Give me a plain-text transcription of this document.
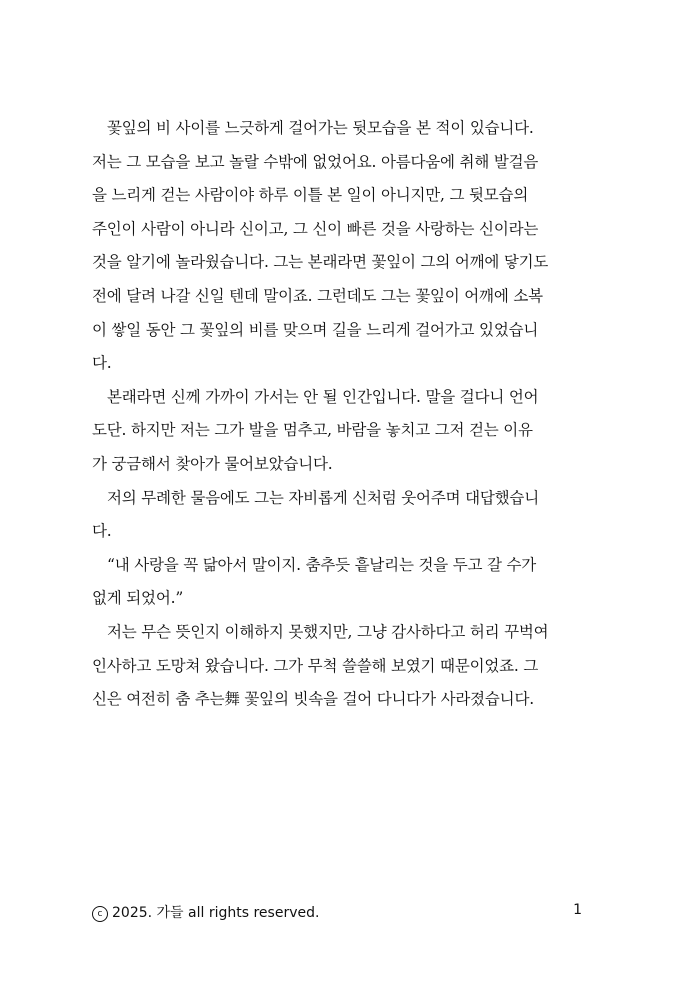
꽃잎의 비 사이를 느긋하게 걸어가는 뒷모습을 본 적이 있습니다.
저는 그 모습을 보고 놀랄 수밖에 없었어요. 아름다움에 취해 발걸음
을 느리게 걷는 사람이야 하루 이틀 본 일이 아니지만, 그 뒷모습의
주인이 사람이 아니라 신이고, 그 신이 빠른 것을 사랑하는 신이라는
것을 알기에 놀라웠습니다. 그는 본래라면 꽃잎이 그의 어깨에 닿기도
전에 달려 나갈 신일 텐데 말이죠. 그런데도 그는 꽃잎이 어깨에 소복
이 쌓일 동안 그 꽃잎의 비를 맞으며 길을 느리게 걸어가고 있었습니
다.

본래라면 신께 가까이 가서는 안 될 인간입니다. 말을 걸다니 언어
도단. 하지만 저는 그가 발을 멈추고, 바람을 놓치고 그저 걷는 이유
가 궁금해서 찾아가 물어보았습니다.

저의 무례한 물음에도 그는 자비롭게 신처럼 웃어주며 대답했습니
다.

“내 사랑을 꼭 닮아서 말이지. 춤추듯 흩날리는 것을 두고 갈 수가
없게 되었어.”

저는 무슨 뜻인지 이해하지 못했지만, 그냥 감사하다고 허리 꾸벅여
인사하고 도망쳐 왔습니다. 그가 무척 쓸쓸해 보였기 때문이었죠. 그
신은 여전히 춤 추는舞 꽃잎의 빗속을 걸어 다니다가 사라졌습니다.

c 2025. 가들 all rights reserved.	1
